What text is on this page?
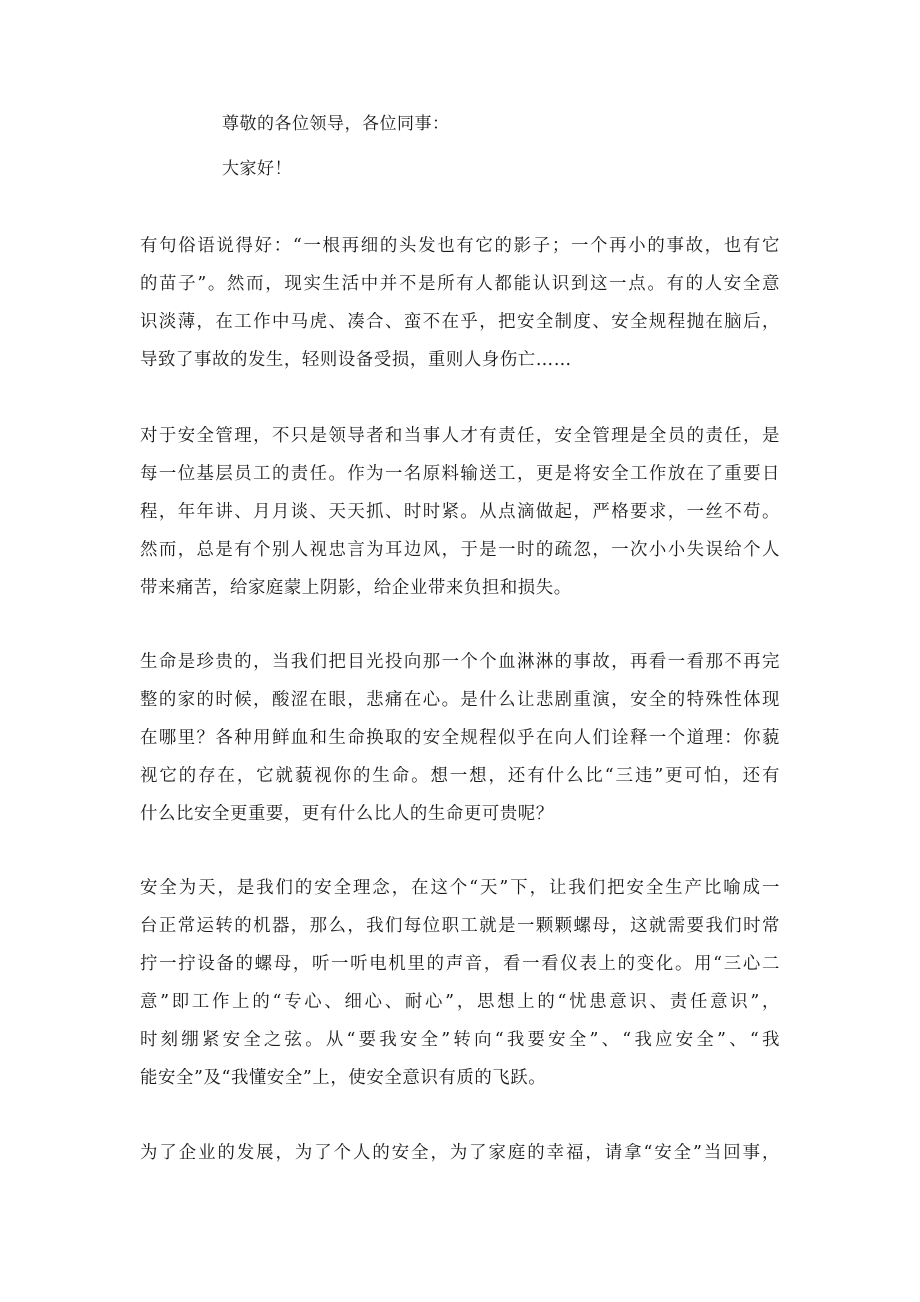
尊敬的各位领导，各位同事：
大家好！
有句俗语说得好：“一根再细的头发也有它的影子；一个再小的事故，也有它
的苗子”。然而，现实生活中并不是所有人都能认识到这一点。有的人安全意
识淡薄，在工作中马虎、凑合、蛮不在乎，把安全制度、安全规程抛在脑后，
导致了事故的发生，轻则设备受损，重则人身伤亡……
对于安全管理，不只是领导者和当事人才有责任，安全管理是全员的责任，是
每一位基层员工的责任。作为一名原料输送工，更是将安全工作放在了重要日
程，年年讲、月月谈、天天抓、时时紧。从点滴做起，严格要求，一丝不苟。
然而，总是有个别人视忠言为耳边风，于是一时的疏忽，一次小小失误给个人
带来痛苦，给家庭蒙上阴影，给企业带来负担和损失。
生命是珍贵的，当我们把目光投向那一个个血淋淋的事故，再看一看那不再完
整的家的时候，酸涩在眼，悲痛在心。是什么让悲剧重演，安全的特殊性体现
在哪里？各种用鲜血和生命换取的安全规程似乎在向人们诠释一个道理：你藐
视它的存在，它就藐视你的生命。想一想，还有什么比“三违”更可怕，还有
什么比安全更重要，更有什么比人的生命更可贵呢？
安全为天，是我们的安全理念，在这个“天”下，让我们把安全生产比喻成一
台正常运转的机器，那么，我们每位职工就是一颗颗螺母，这就需要我们时常
拧一拧设备的螺母，听一听电机里的声音，看一看仪表上的变化。用“三心二
意”即工作上的“专心、细心、耐心”，思想上的“忧患意识、责任意识”，
时刻绷紧安全之弦。从“要我安全”转向“我要安全”、“我应安全”、“我
能安全”及“我懂安全”上，使安全意识有质的飞跃。
为了企业的发展，为了个人的安全，为了家庭的幸福，请拿“安全”当回事，
